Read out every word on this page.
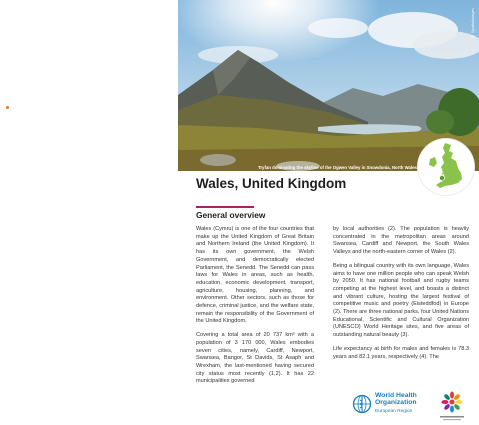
© Spatialimages
Tryfan dominating the skyline of the Ogwen Valley in Snowdonia, North Wales
Wales, United Kingdom
General overview

Wales (Cymru) is one of the four countries that make up the United Kingdom of Great Britain and Northern Ireland (the United Kingdom). It has its own government, the Welsh Government, and democratically elected Parliament, the Senedd. The Senedd can pass laws for Wales in areas, such as health, education, economic development, transport, agriculture, housing, planning, and environment. Other sectors, such as those for defence, criminal justice, and the welfare state, remain the responsibility of the Government of the United Kingdom.

Covering a total area of 20 737 km² with a population of 3 170 000, Wales embodies seven cities, namely, Cardiff, Newport, Swansea, Bangor, St Davids, St Asaph and Wrexham, the last-mentioned having secured city status most recently (1,2). It has 22 municipalities governed

by local authorities (2). The population is heavily concentrated in the metropolitan areas around Swansea, Cardiff and Newport, the South Wales Valleys and the north-eastern corner of Wales (2).

Being a bilingual country with its own language, Wales aims to have one million people who can speak Welsh by 2050. It has national football and rugby teams competing at the highest level, and boasts a distinct and vibrant culture, hosting the largest festival of competitive music and poetry (Eisteddfod) in Europe (2). There are three national parks, four United Nations Educational, Scientific and Cultural Organization (UNESCO) World Heritage sites, and five areas of outstanding natural beauty (3).

Life expectancy at birth for males and females is 78.3 years and 82.1 years, respectively (4). The

World Health
Organization
European Region
